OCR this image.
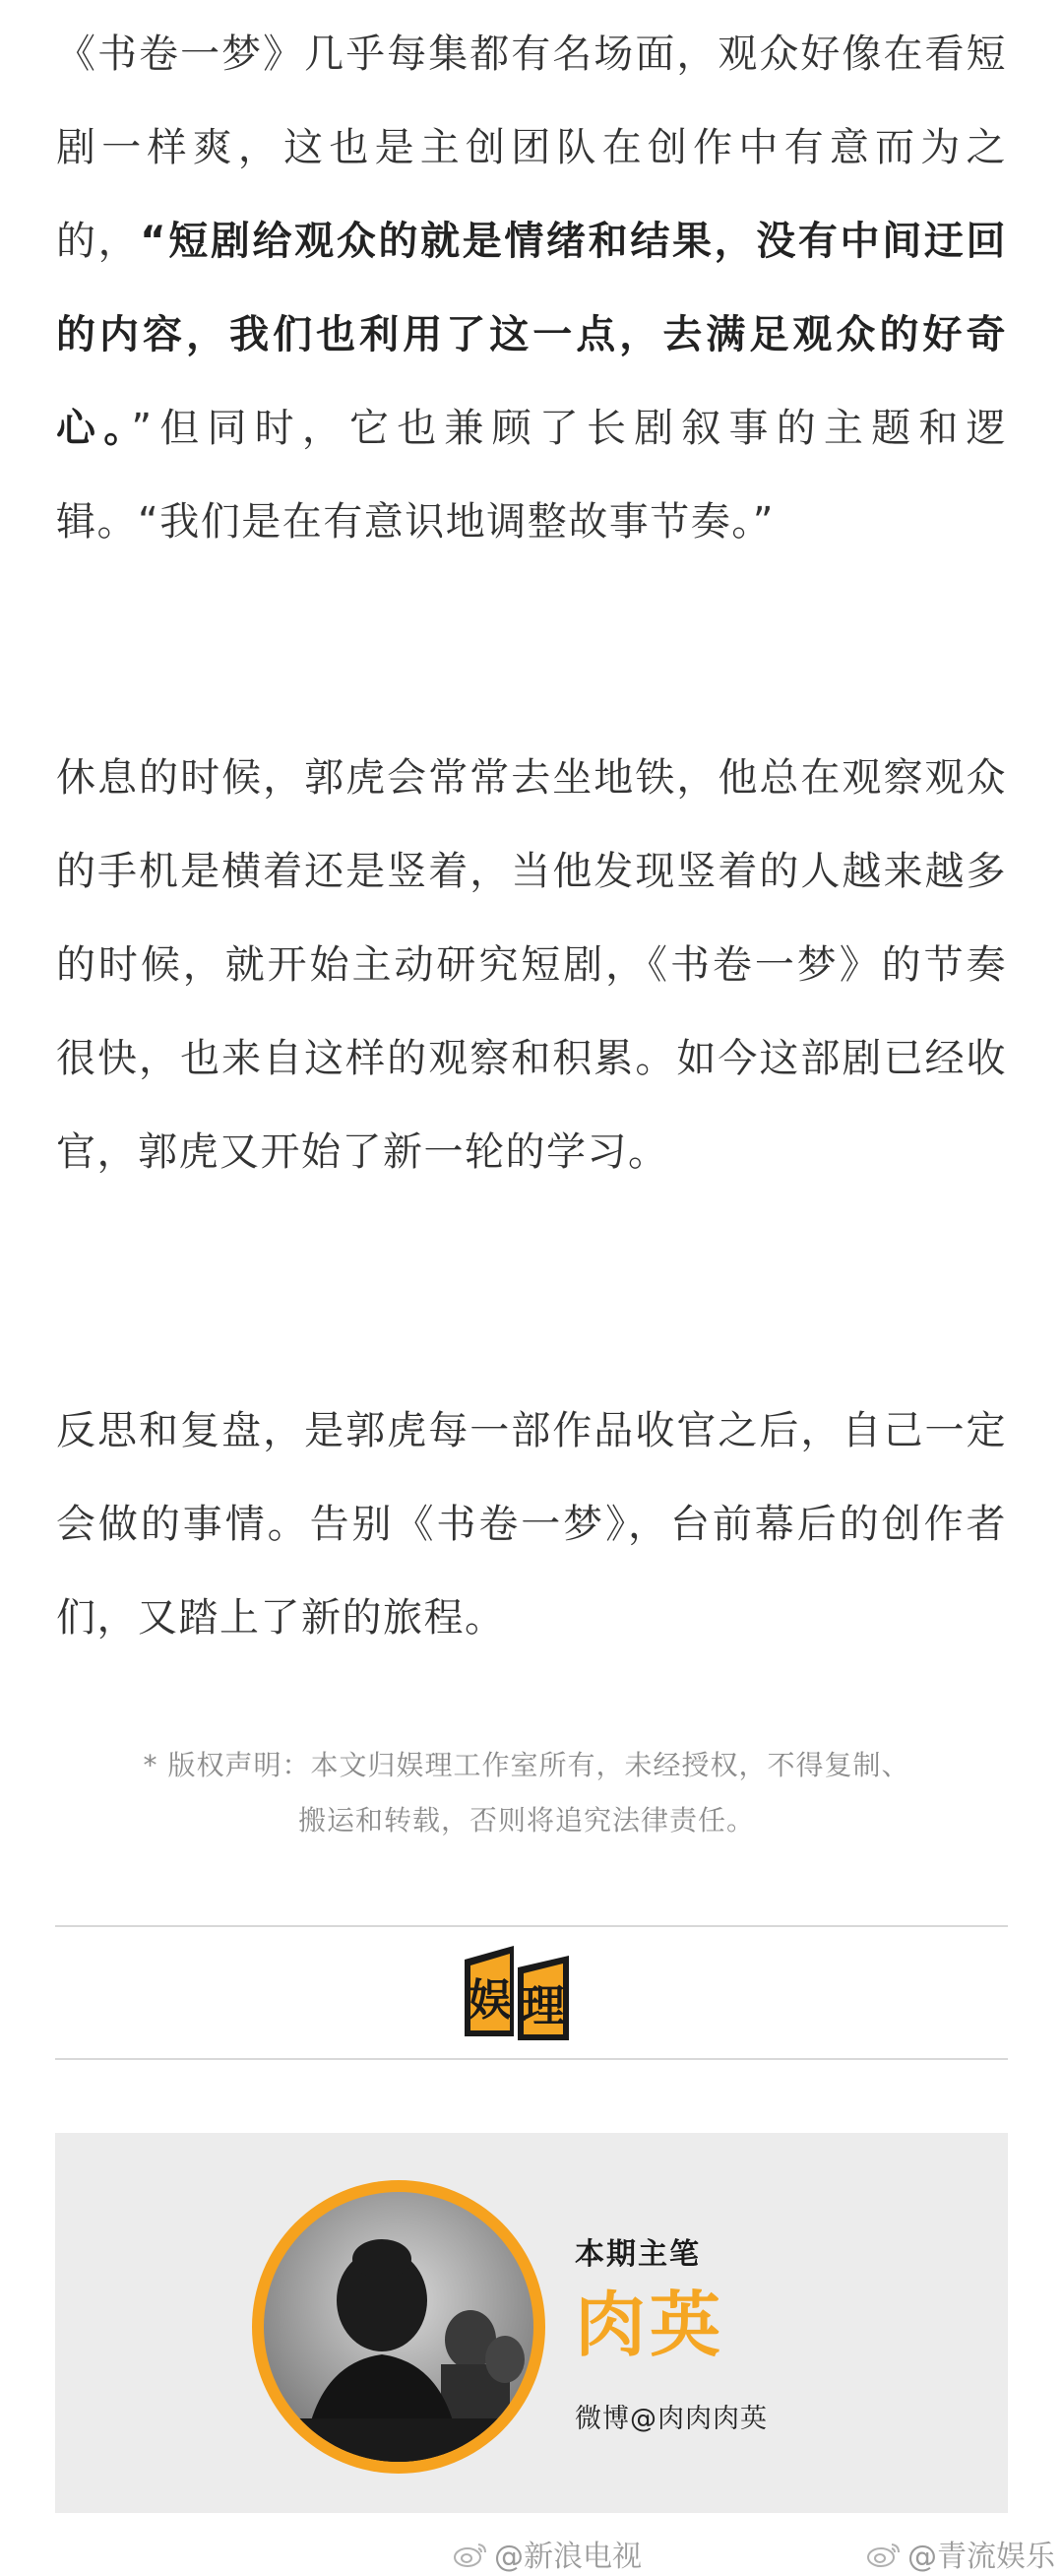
《书卷一梦》几乎每集都有名场面，观众好像在看短剧一样爽，这也是主创团队在创作中有意而为之的，“短剧给观众的就是情绪和结果，没有中间迂回的内容，我们也利用了这一点，去满足观众的好奇心。”但同时，它也兼顾了长剧叙事的主题和逻辑。“我们是在有意识地调整故事节奏。”

休息的时候，郭虎会常常去坐地铁，他总在观察观众的手机是横着还是竖着，当他发现竖着的人越来越多的时候，就开始主动研究短剧，《书卷一梦》的节奏很快，也来自这样的观察和积累。如今这部剧已经收官，郭虎又开始了新一轮的学习。

反思和复盘，是郭虎每一部作品收官之后，自己一定会做的事情。告别《书卷一梦》，台前幕后的创作者们，又踏上了新的旅程。

* 版权声明：本文归娱理工作室所有，未经授权，不得复制、
搬运和转载，否则将追究法律责任。
娱 理
本期主笔
肉英
微博@肉肉肉英
@新浪电视	@青流娱乐
